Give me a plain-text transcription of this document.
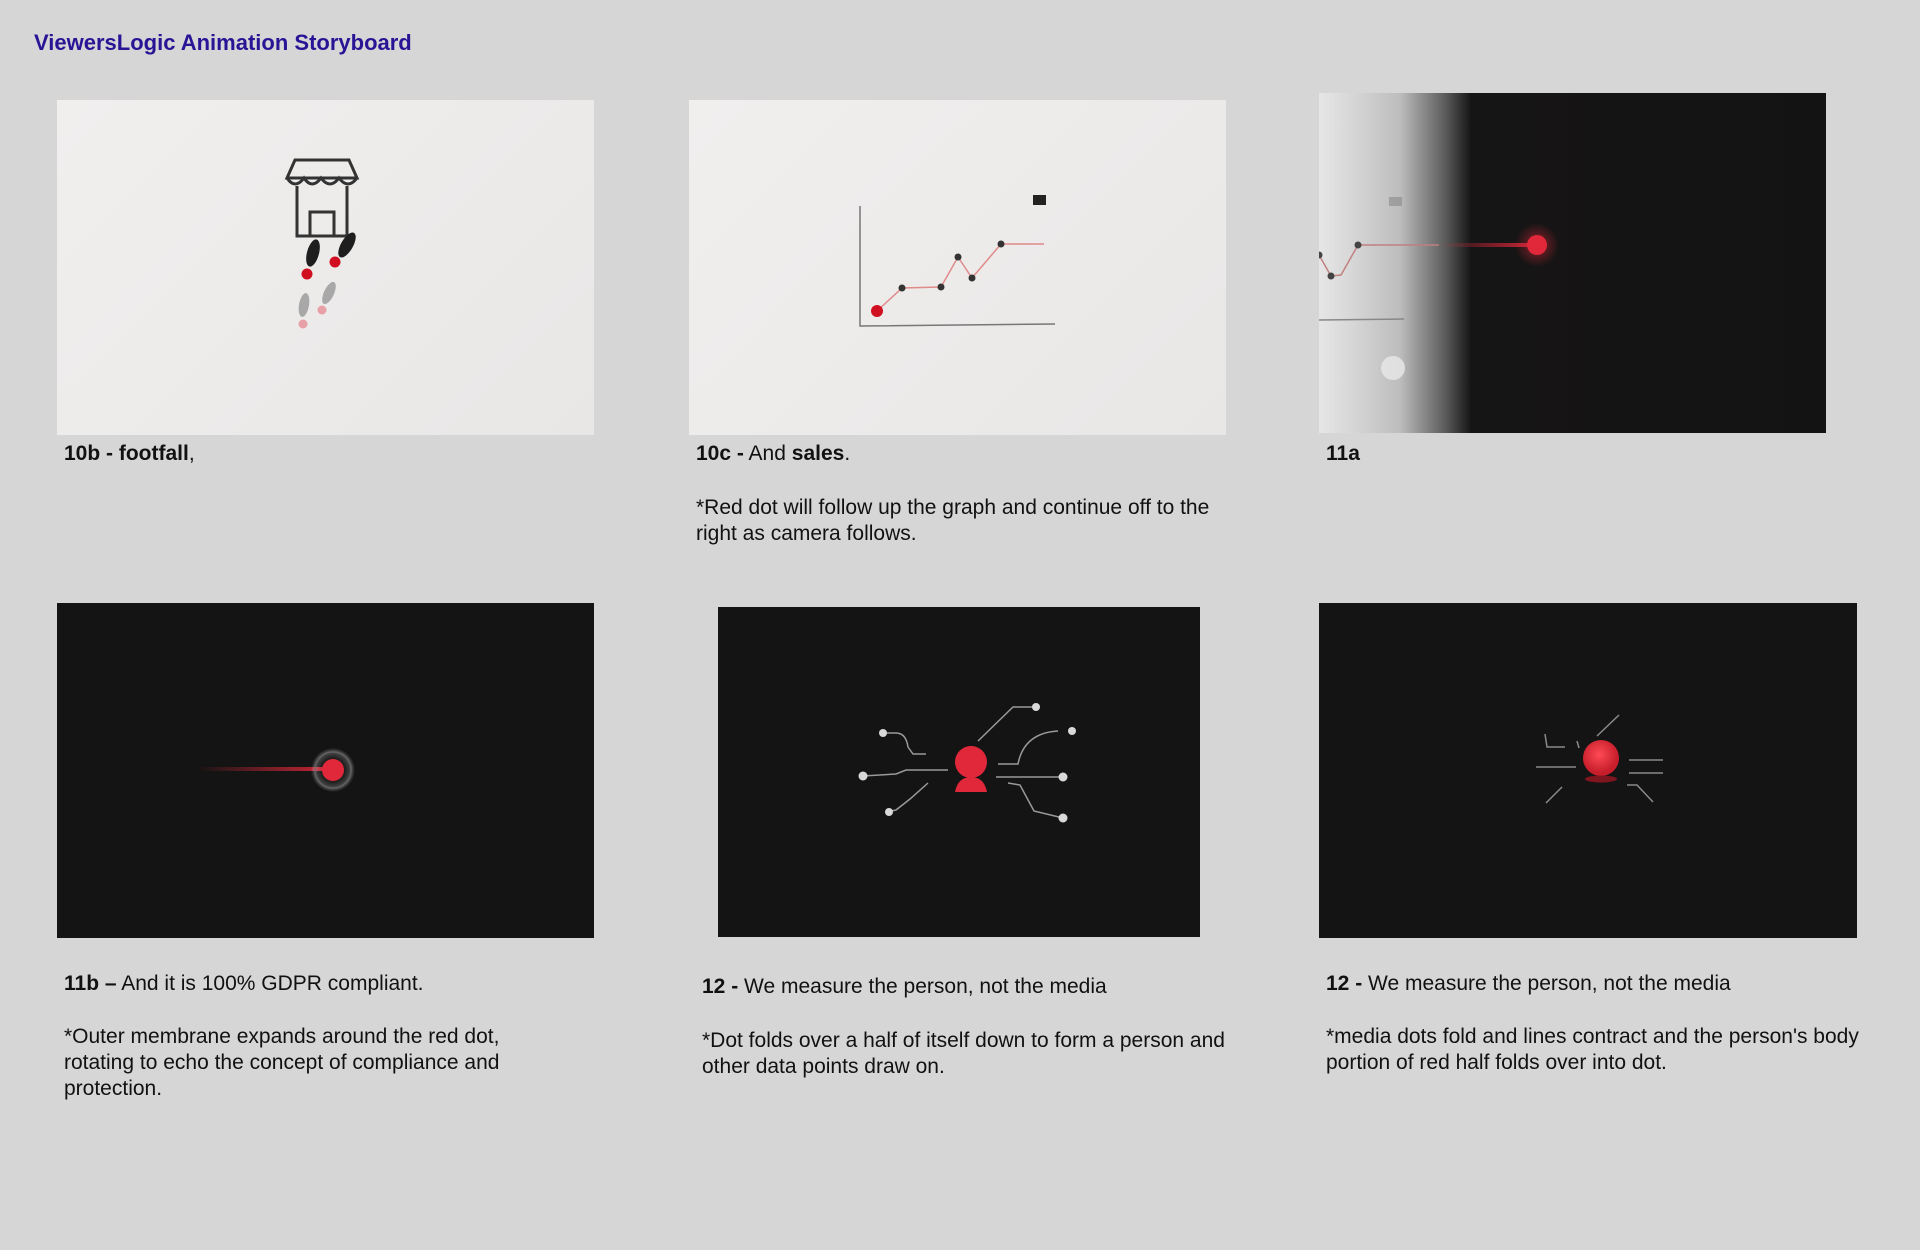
ViewersLogic Animation Storyboard
10b - footfall,	10c - And sales.
*Red dot will follow up the graph and continue off to the right as camera follows.
11a
11b – And it is 100% GDPR compliant.
*Outer membrane expands around the red dot, rotating to echo the concept of compliance and protection.
12 - We measure the person, not the media
*Dot folds over a half of itself down to form a person and other data points draw on.
12 - We measure the person, not the media
*media dots fold and lines contract and the person's body portion of red half folds over into dot.
